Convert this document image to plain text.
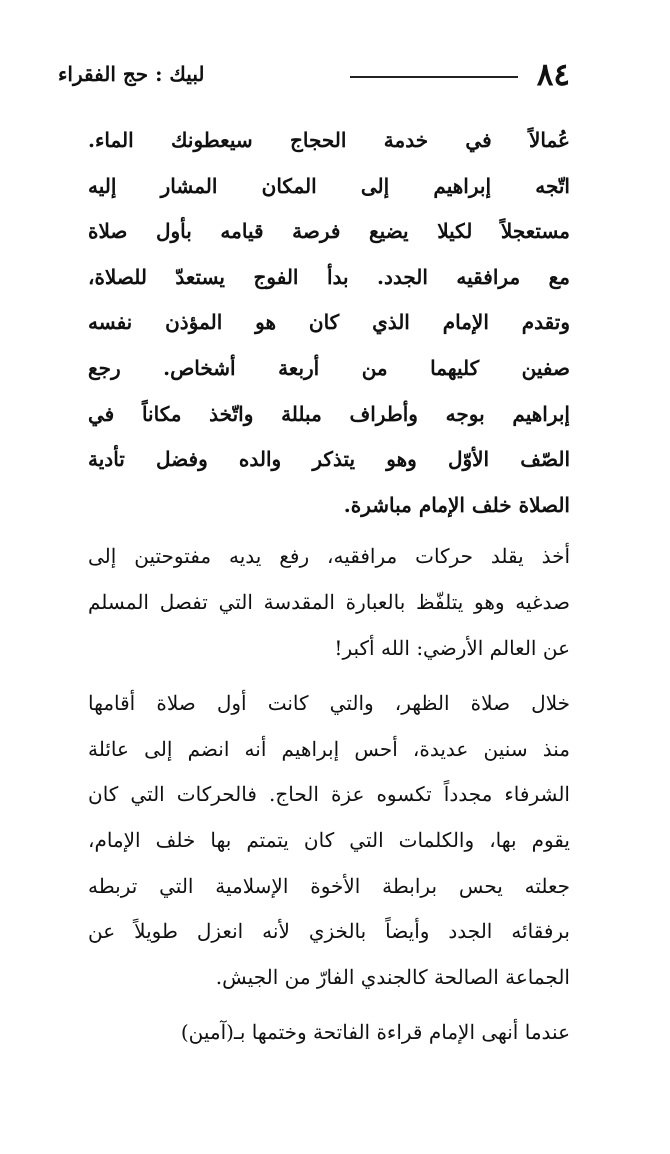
٨٤
لبيك : حج الفقراء
عُمالاً في خدمة الحجاج سيعطونك الماء.
اتّجه إبراهيم إلى المكان المشار إليه
مستعجلاً لكيلا يضيع فرصة قيامه بأول صلاة
مع مرافقيه الجدد. بدأ الفوج يستعدّ للصلاة،
وتقدم الإمام الذي كان هو المؤذن نفسه
صفين كليهما من أربعة أشخاص. رجع
إبراهيم بوجه وأطراف مبللة واتّخذ مكاناً في
الصّف الأوّل وهو يتذكر والده وفضل تأدية
الصلاة خلف الإمام مباشرة.
أخذ يقلد حركات مرافقيه، رفع يديه مفتوحتين إلى
صدغيه وهو يتلفّظ بالعبارة المقدسة التي تفصل المسلم
عن العالم الأرضي: الله أكبر!
خلال صلاة الظهر، والتي كانت أول صلاة أقامها
منذ سنين عديدة، أحس إبراهيم أنه انضم إلى عائلة
الشرفاء مجدداً تكسوه عزة الحاج. فالحركات التي كان
يقوم بها، والكلمات التي كان يتمتم بها خلف الإمام،
جعلته يحس برابطة الأخوة الإسلامية التي تربطه
برفقائه الجدد وأيضاً بالخزي لأنه انعزل طويلاً عن
الجماعة الصالحة كالجندي الفارّ من الجيش.
عندما أنهى الإمام قراءة الفاتحة وختمها بـ(آمين)
